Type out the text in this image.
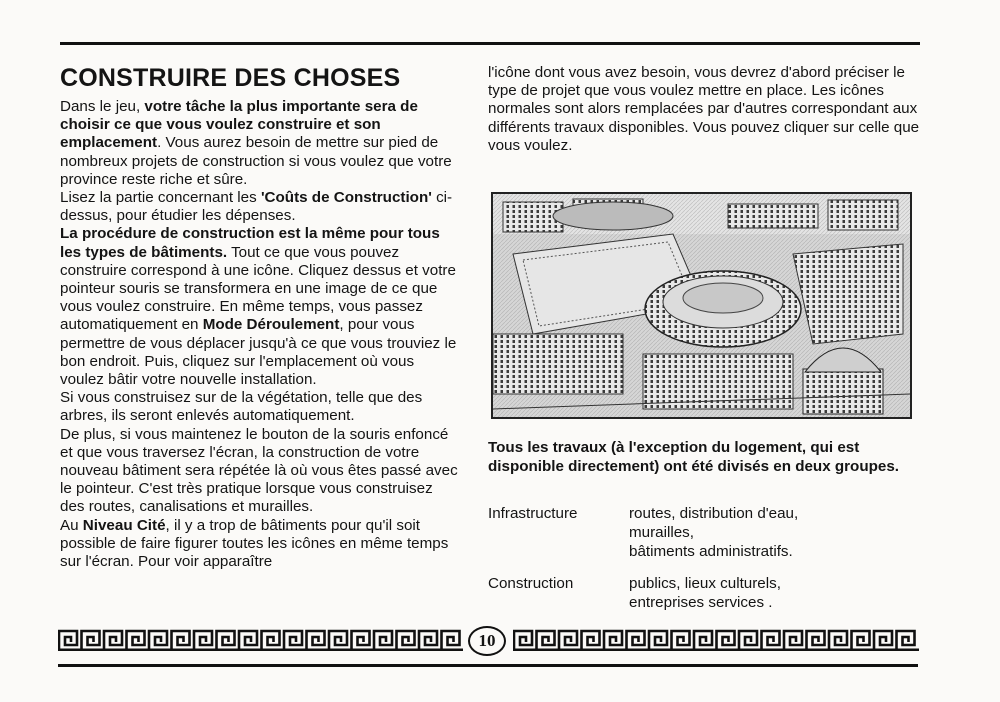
CONSTRUIRE DES CHOSES

Dans le jeu, votre tâche la plus importante sera de choisir ce que vous voulez construire et son emplacement. Vous aurez besoin de mettre sur pied de nombreux projets de construction si vous voulez que votre province reste riche et sûre.

Lisez la partie concernant les 'Coûts de Construction' ci-dessus, pour étudier les dépenses.

La procédure de construction est la même pour tous les types de bâtiments. Tout ce que vous pouvez construire correspond à une icône. Cliquez dessus et votre pointeur souris se transformera en une image de ce que vous voulez construire. En même temps, vous passez automatiquement en Mode Déroulement, pour vous permettre de vous déplacer jusqu'à ce que vous trouviez le bon endroit. Puis, cliquez sur l'emplacement où vous voulez bâtir votre nouvelle installation.

Si vous construisez sur de la végétation, telle que des arbres, ils seront enlevés automatiquement.

De plus, si vous maintenez le bouton de la souris enfoncé et que vous traversez l'écran, la construction de votre nouveau bâtiment sera répétée là où vous êtes passé avec le pointeur. C'est très pratique lorsque vous construisez des routes, canalisations et murailles.

Au Niveau Cité, il y a trop de bâtiments pour qu'il soit possible de faire figurer toutes les icônes en même temps sur l'écran. Pour voir apparaître

l'icône dont vous avez besoin, vous devrez d'abord préciser le type de projet que vous voulez mettre en place. Les icônes normales sont alors remplacées par d'autres correspondant aux différents travaux disponibles. Vous pouvez cliquer sur celle que vous voulez.

Tous les travaux (à l'exception du logement, qui est disponible directement) ont été divisés en deux groupes.
Infrastructure	routes, distribution d'eau,
murailles,
bâtiments administratifs.
Construction	publics, lieux culturels,
entreprises services .
10
